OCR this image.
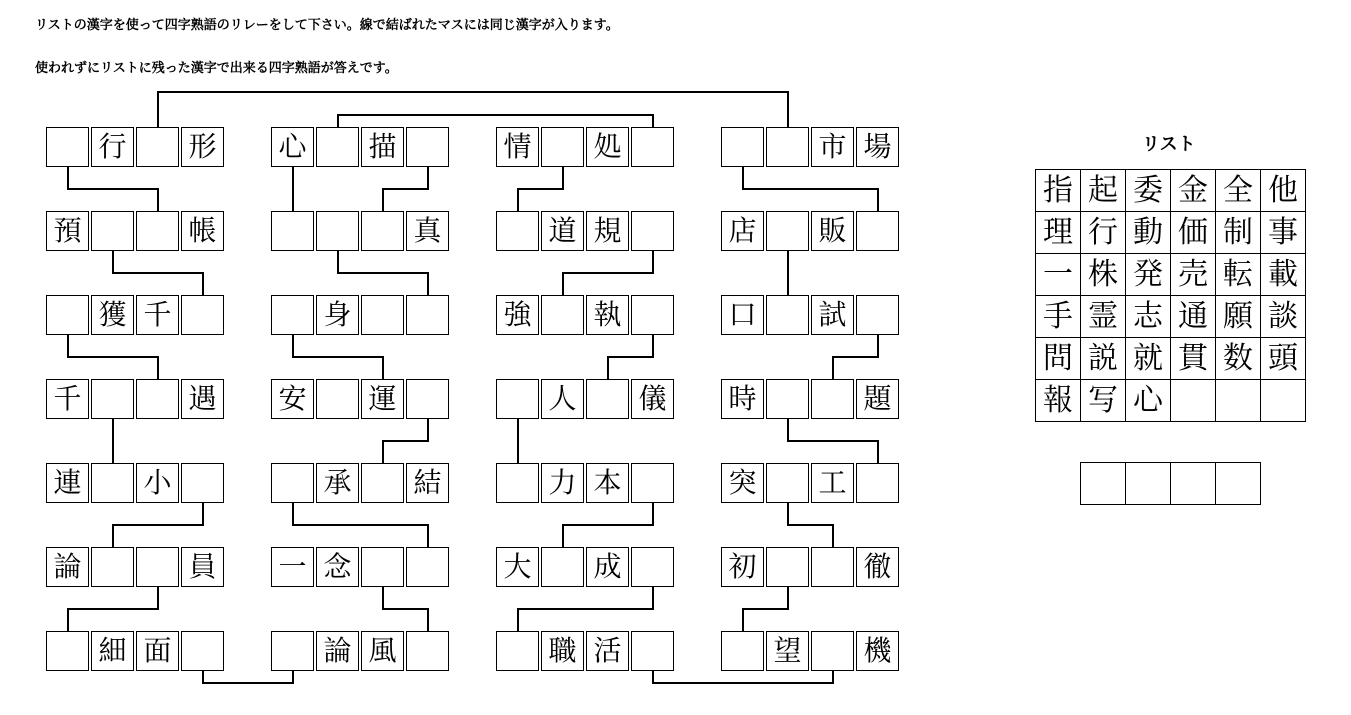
リストの漢字を使って四字熟語のリレーをして下さい。線で結ばれたマスには同じ漢字が入ります。
使われずにリストに残った漢字で出来る四字熟語が答えです。
行 形
預	帳
獲 千
千	遇
連 小
論	員
細 面
心 描
真
身
安 運
承 結
一 念
論 風
情 処
道 規
強 執
人 儀
力 本
大 成
職 活
市 場
店 販
口 試
時	題
突 工
初	徹
望 機
リスト
指 起 委 金 全 他
理 行 動 価 制 事
一 株 発 売 転 載
手 霊 志 通 願 談
問 説 就 貫 数 頭
報 写 心
